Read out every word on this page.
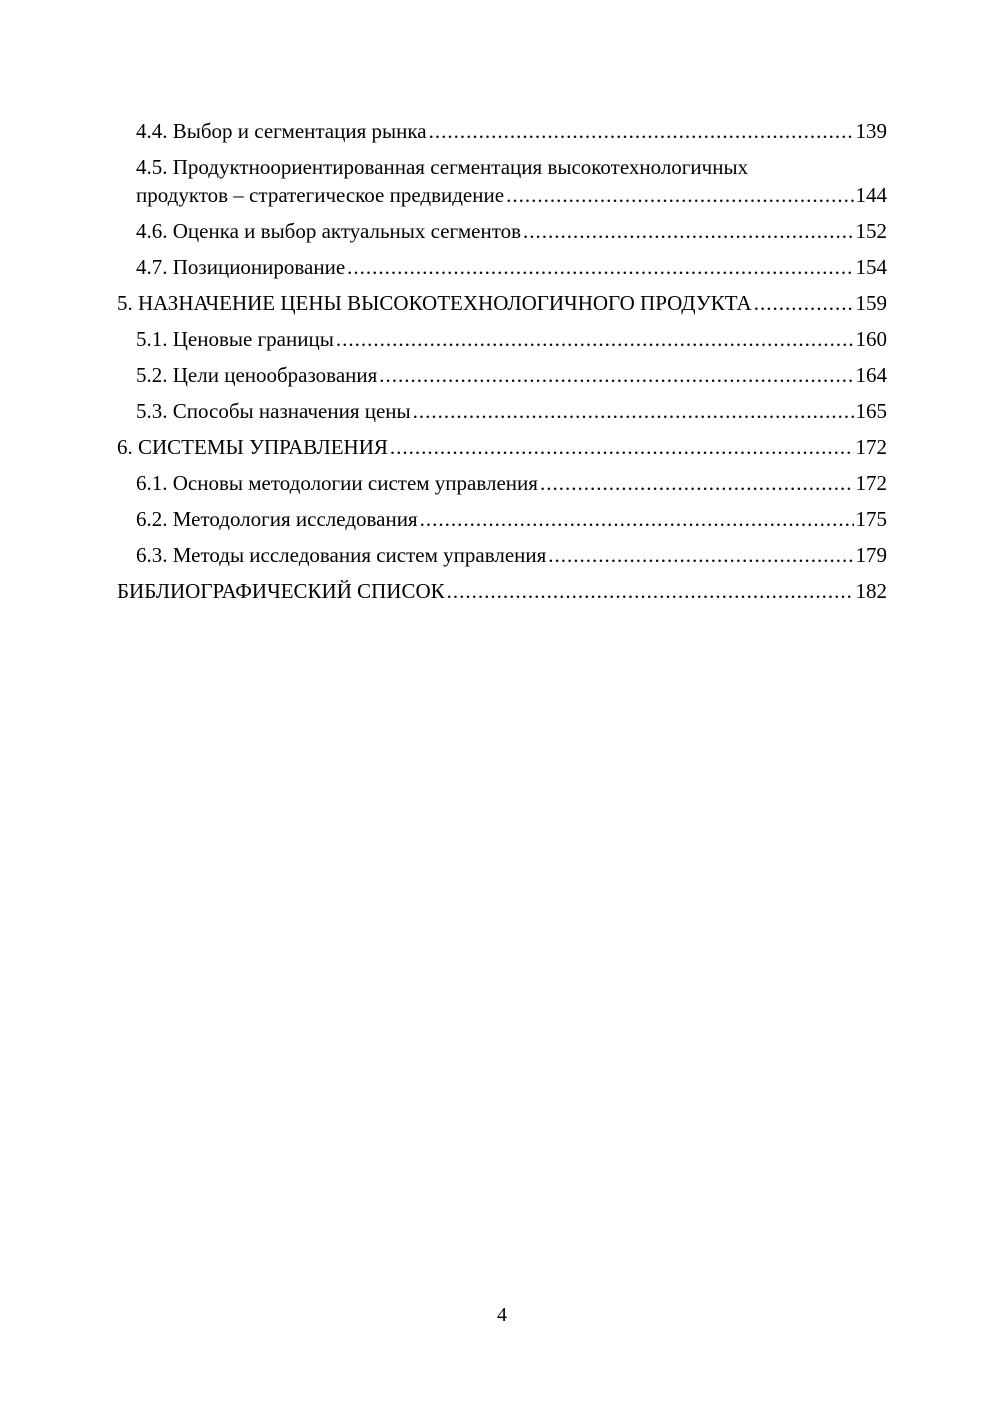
4.4. Выбор и сегментация рынка .....	139
4.5. Продуктноориентированная сегментация высокотехнологичных
продуктов – стратегическое предвидение .....	144
4.6. Оценка и выбор актуальных сегментов .....	152
4.7. Позиционирование .....	154
5. НАЗНАЧЕНИЕ ЦЕНЫ ВЫСОКОТЕХНОЛОГИЧНОГО ПРОДУКТА .....	159
5.1. Ценовые границы .....	160
5.2. Цели ценообразования .....	164
5.3. Способы назначения цены .....	165
6. СИСТЕМЫ УПРАВЛЕНИЯ .....	172
6.1. Основы методологии систем управления .....	172
6.2. Методология исследования .....	175
6.3. Методы исследования систем управления .....	179
БИБЛИОГРАФИЧЕСКИЙ СПИСОК .....	182
4
